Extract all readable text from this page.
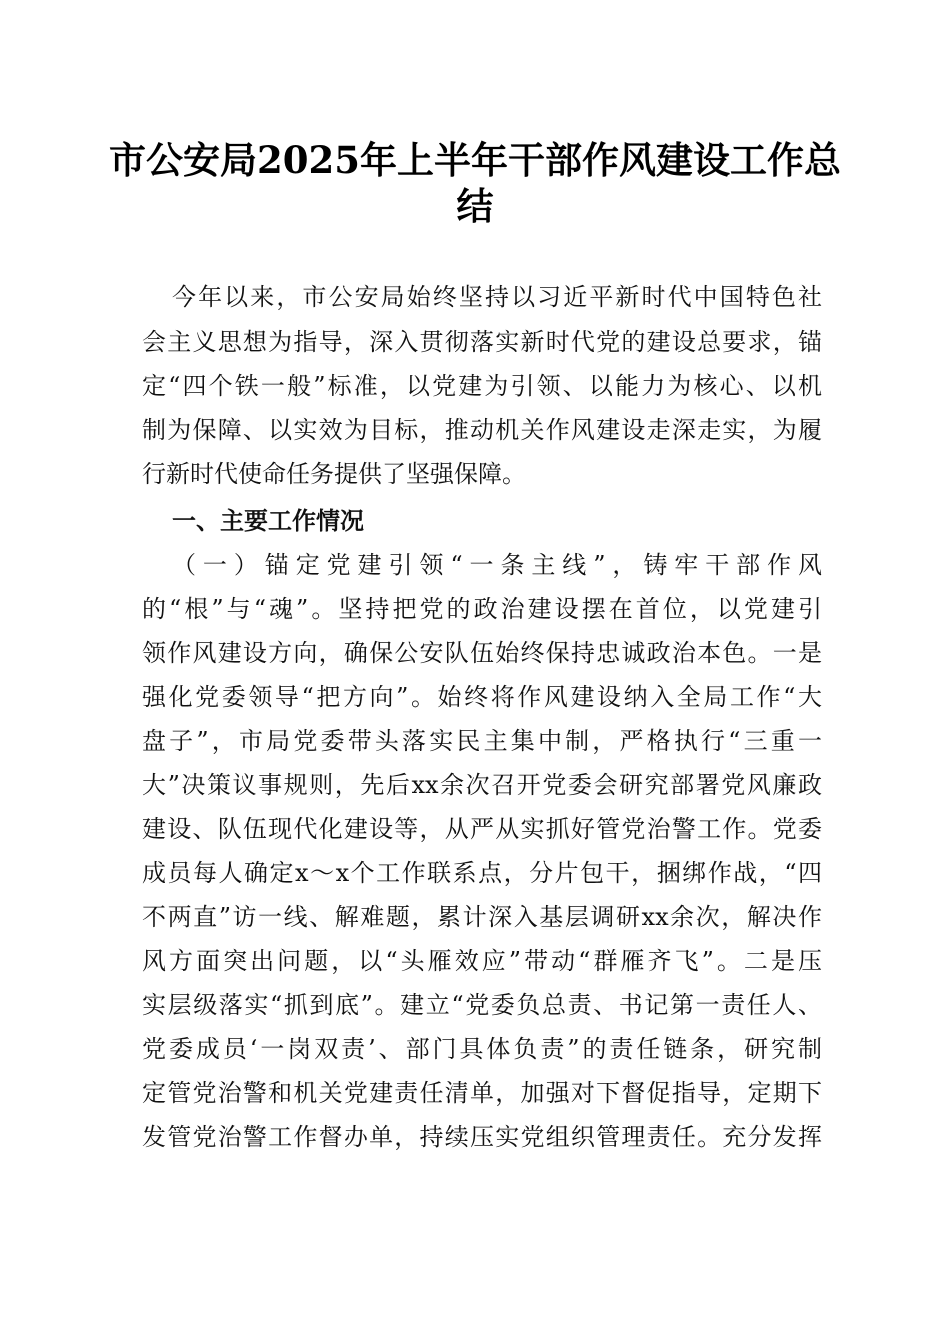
市公安局2025年上半年干部作风建设工作总
结
今年以来，市公安局始终坚持以习近平新时代中国特色社
会主义思想为指导，深入贯彻落实新时代党的建设总要求，锚
定“四个铁一般”标准，以党建为引领、以能力为核心、以机
制为保障、以实效为目标，推动机关作风建设走深走实，为履
行新时代使命任务提供了坚强保障。
一、主要工作情况
（一）锚定党建引领“一条主线”，铸牢干部作风
的“根”与“魂”。坚持把党的政治建设摆在首位，以党建引
领作风建设方向，确保公安队伍始终保持忠诚政治本色。一是
强化党委领导“把方向”。始终将作风建设纳入全局工作“大
盘子”，市局党委带头落实民主集中制，严格执行“三重一
大”决策议事规则，先后xx余次召开党委会研究部署党风廉政
建设、队伍现代化建设等，从严从实抓好管党治警工作。党委
成员每人确定x～x个工作联系点，分片包干，捆绑作战，“四
不两直”访一线、解难题，累计深入基层调研xx余次，解决作
风方面突出问题，以“头雁效应”带动“群雁齐飞”。二是压
实层级落实“抓到底”。建立“党委负总责、书记第一责任人、
党委成员‘一岗双责’、部门具体负责”的责任链条，研究制
定管党治警和机关党建责任清单，加强对下督促指导，定期下
发管党治警工作督办单，持续压实党组织管理责任。充分发挥
